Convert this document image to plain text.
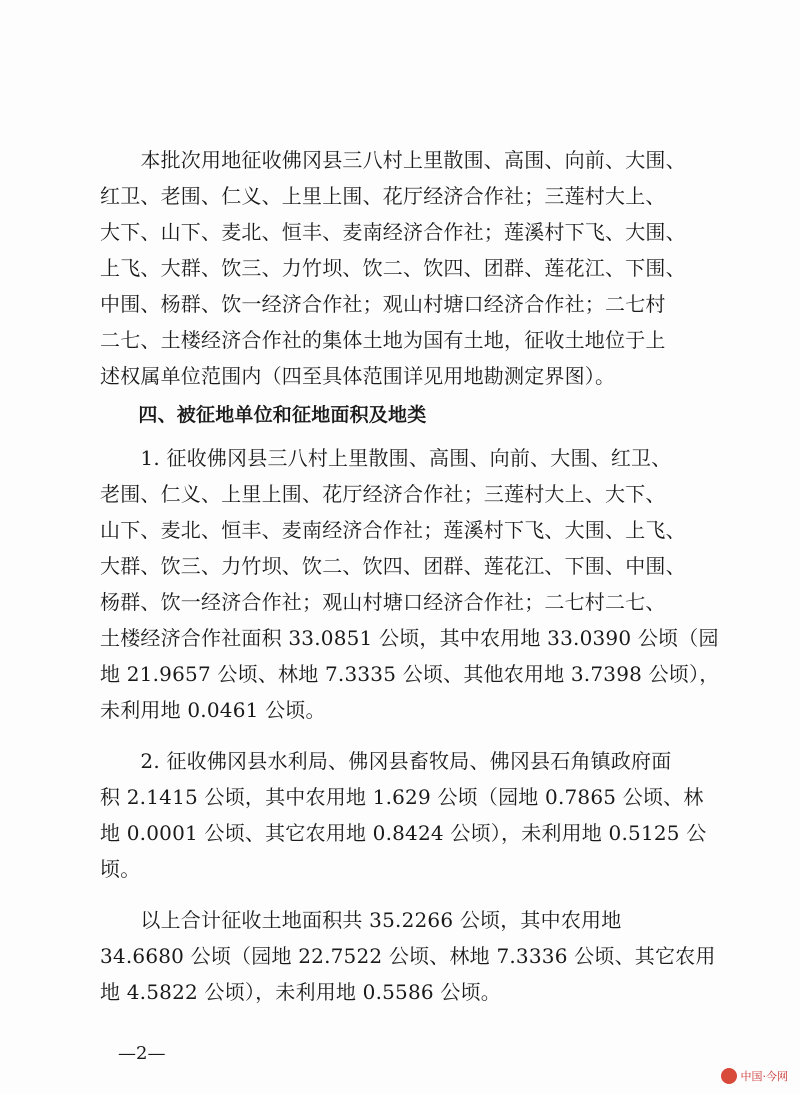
　　本批次用地征收佛冈县三八村上里散围、高围、向前、大围、
红卫、老围、仁义、上里上围、花厅经济合作社；三莲村大上、
大下、山下、麦北、恒丰、麦南经济合作社；莲溪村下飞、大围、
上飞、大群、饮三、力竹坝、饮二、饮四、团群、莲花江、下围、
中围、杨群、饮一经济合作社；观山村塘口经济合作社；二七村
二七、土楼经济合作社的集体土地为国有土地，征收土地位于上
述权属单位范围内（四至具体范围详见用地勘测定界图）。
　　四、被征地单位和征地面积及地类
　　1. 征收佛冈县三八村上里散围、高围、向前、大围、红卫、
老围、仁义、上里上围、花厅经济合作社；三莲村大上、大下、
山下、麦北、恒丰、麦南经济合作社；莲溪村下飞、大围、上飞、
大群、饮三、力竹坝、饮二、饮四、团群、莲花江、下围、中围、
杨群、饮一经济合作社；观山村塘口经济合作社；二七村二七、
土楼经济合作社面积 33.0851 公顷，其中农用地 33.0390 公顷（园
地 21.9657 公顷、林地 7.3335 公顷、其他农用地 3.7398 公顷），
未利用地 0.0461 公顷。
　　2. 征收佛冈县水利局、佛冈县畜牧局、佛冈县石角镇政府面
积 2.1415 公顷，其中农用地 1.629 公顷（园地 0.7865 公顷、林
地 0.0001 公顷、其它农用地 0.8424 公顷），未利用地 0.5125 公
顷。
　　以上合计征收土地面积共 35.2266 公顷，其中农用地
34.6680 公顷（园地 22.7522 公顷、林地 7.3336 公顷、其它农用
地 4.5822 公顷），未利用地 0.5586 公顷。
—2—
中国·今网
